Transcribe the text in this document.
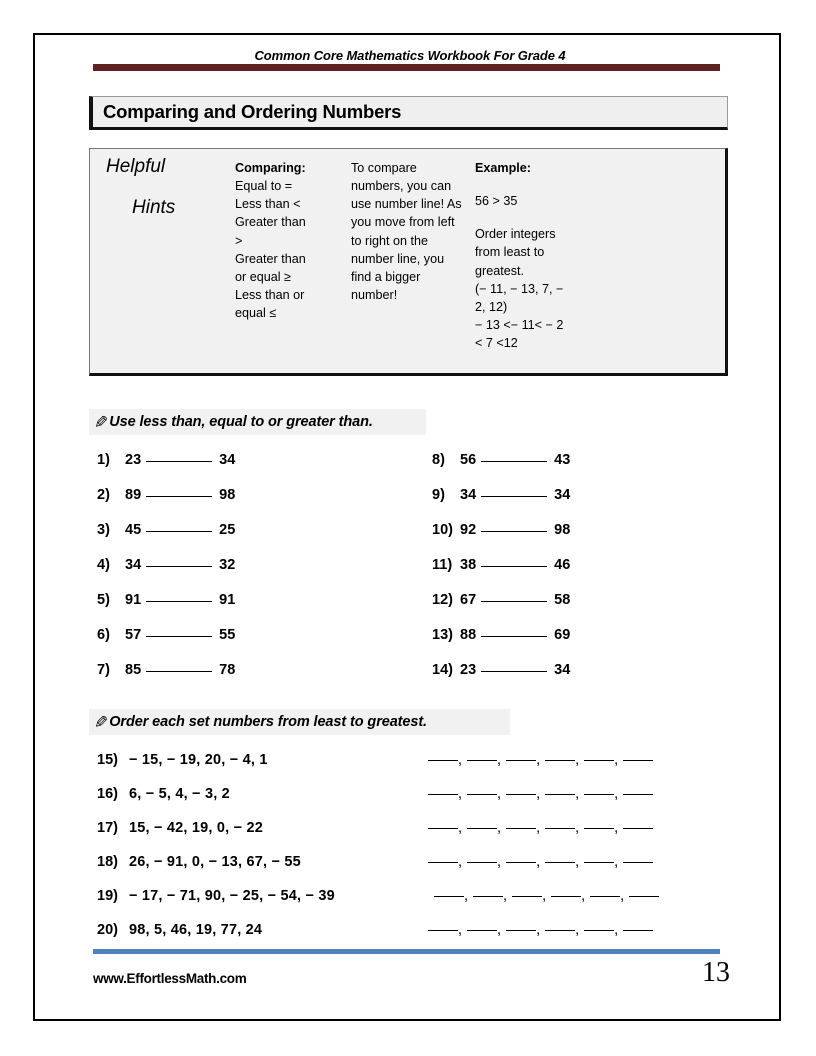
Common Core Mathematics Workbook For Grade 4
Comparing and Ordering Numbers
Helpful
Hints
Comparing:
Equal to =
Less than <
Greater than
>
Greater than
or equal ≥
Less than or
equal ≤
To compare numbers, you can use number line! As you move from left to right on the number line, you find a bigger number!
Example:
56 > 35
Order integers
from least to
greatest.
(− 11, − 13, 7, −
2, 12)
− 13 <− 11< − 2
< 7 <12
✎ Use less than, equal to or greater than.
1)	23	34
2)	89	98
3)	45	25
4)	34	32
5)	91	91
6)	57	55
7)	85	78
8)	56	43
9)	34	34
10) 92	98
11) 38	46
12) 67	58
13) 88	69
14) 23	34
✎ Order each set numbers from least to greatest.
15) − 15, − 19, 20, − 4, 1
16) 6, − 5, 4, − 3, 2
17) 15, − 42, 19, 0, − 22
18) 26, − 91, 0, − 13, 67, − 55
19) − 17, − 71, 90, − 25, − 54, − 39
20) 98, 5, 46, 19, 77, 24
, , , , ,
, , , , ,
, , , , ,
, , , , ,
, , , , ,
, , , , ,
www.EffortlessMath.com	13
